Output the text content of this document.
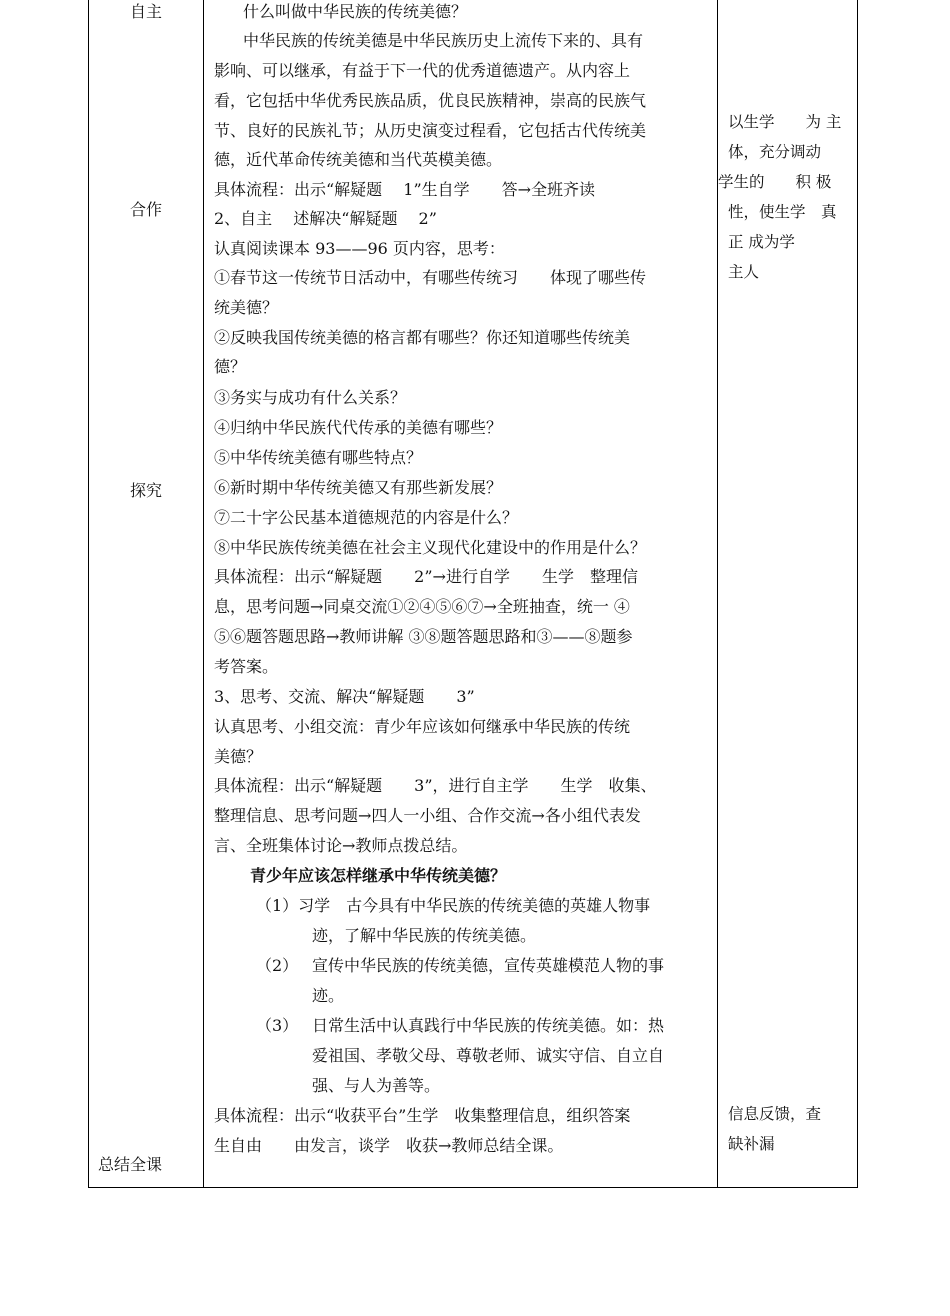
自主
合作
探究
总结全课
什么叫做中华民族的传统美德？
中华民族的传统美德是中华民族历史上流传下来的、具有
影响、可以继承，有益于下一代的优秀道德遗产。从内容上
看，它包括中华优秀民族品质，优良民族精神，崇高的民族气
节、良好的民族礼节；从历史演变过程看，它包括古代传统美
德，近代革命传统美德和当代英模美德。
具体流程：出示“解疑题　 1”生自学　　答→全班齐读
2、自主　 述解决“解疑题　 2”
认真阅读课本 93——96 页内容，思考：
①春节这一传统节日活动中，有哪些传统习　　体现了哪些传
统美德？
②反映我国传统美德的格言都有哪些？你还知道哪些传统美
德？
③务实与成功有什么关系？
④归纳中华民族代代传承的美德有哪些？
⑤中华传统美德有哪些特点？
⑥新时期中华传统美德又有那些新发展？
⑦二十字公民基本道德规范的内容是什么？
⑧中华民族传统美德在社会主义现代化建设中的作用是什么？
具体流程：出示“解疑题　　2”→进行自学　　生学　整理信
息，思考问题→同桌交流①②④⑤⑥⑦→全班抽查，统一 ④
⑤⑥题答题思路→教师讲解 ③⑧题答题思路和③——⑧题参
考答案。
3、思考、交流、解决“解疑题　　3”
认真思考、小组交流：青少年应该如何继承中华民族的传统
美德？
具体流程：出示“解疑题　　3”，进行自主学　　生学　收集、
整理信息、思考问题→四人一小组、合作交流→各小组代表发
言、全班集体讨论→教师点拨总结。
青少年应该怎样继承中华传统美德？
（1）习学　古今具有中华民族的传统美德的英雄人物事
迹，了解中华民族的传统美德。
（2） 宣传中华民族的传统美德，宣传英雄模范人物的事
迹。
（3） 日常生活中认真践行中华民族的传统美德。如：热
爱祖国、孝敬父母、尊敬老师、诚实守信、自立自
强、与人为善等。
具体流程：出示“收获平台”生学　收集整理信息，组织答案
生自由　　由发言，谈学　收获→教师总结全课。
以生学　　为 主
体，充分调动
学生的　　积 极
性，使生学　真
正 成为学
主人
信息反馈，查
缺补漏
